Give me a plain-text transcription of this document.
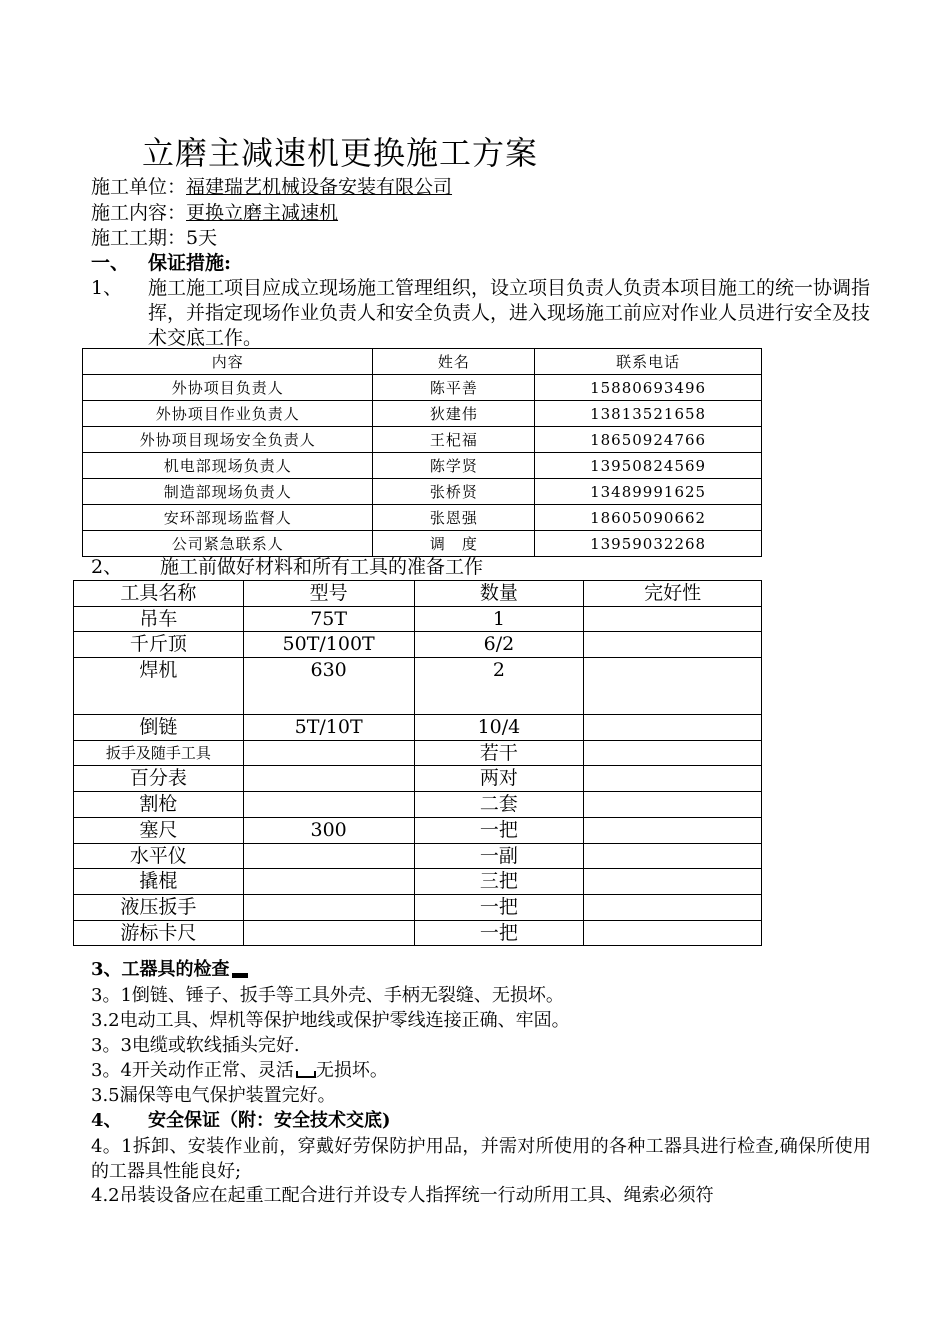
立磨主减速机更换施工方案
施工单位：福建瑞艺机械设备安装有限公司
施工内容：更换立磨主减速机
施工工期：5天
一、 保证措施:
1、 施工施工项目应成立现场施工管理组织，设立项目负责人负责本项目施工的统一协调指挥，并指定现场作业负责人和安全负责人，进入现场施工前应对作业人员进行安全及技术交底工作。
内容	姓名	联系电话
外协项目负责人	陈平善	15880693496
外协项目作业负责人	狄建伟	13813521658
外协项目现场安全负责人	王杞福	18650924766
机电部现场负责人	陈学贤	13950824569
制造部现场负责人	张桥贤	13489991625
安环部现场监督人	张恩强	18605090662
公司紧急联系人	调　度	13959032268
2、 施工前做好材料和所有工具的准备工作
工具名称	型号	数量	完好性
吊车	75T	1	
千斤顶	50T/100T	6/2	
焊机	630	2	
倒链	5T/10T	10/4	
扳手及随手工具		若干	
百分表		两对	
割枪		二套	
塞尺	300	一把	
水平仪		一副	
撬棍		三把	
液压扳手		一把	
游标卡尺		一把	
3、工器具的检查
3。1倒链、锤子、扳手等工具外壳、手柄无裂缝、无损坏。
3.2电动工具、焊机等保护地线或保护零线连接正确、牢固。
3。3电缆或软线插头完好.
3。4开关动作正常、灵活 无损坏。
3.5漏保等电气保护装置完好。
4、 安全保证（附：安全技术交底)
4。1拆卸、安装作业前，穿戴好劳保防护用品，并需对所使用的各种工器具进行检查,确保所使用的工器具性能良好;
4.2吊装设备应在起重工配合进行并设专人指挥统一行动所用工具、绳索必须符
